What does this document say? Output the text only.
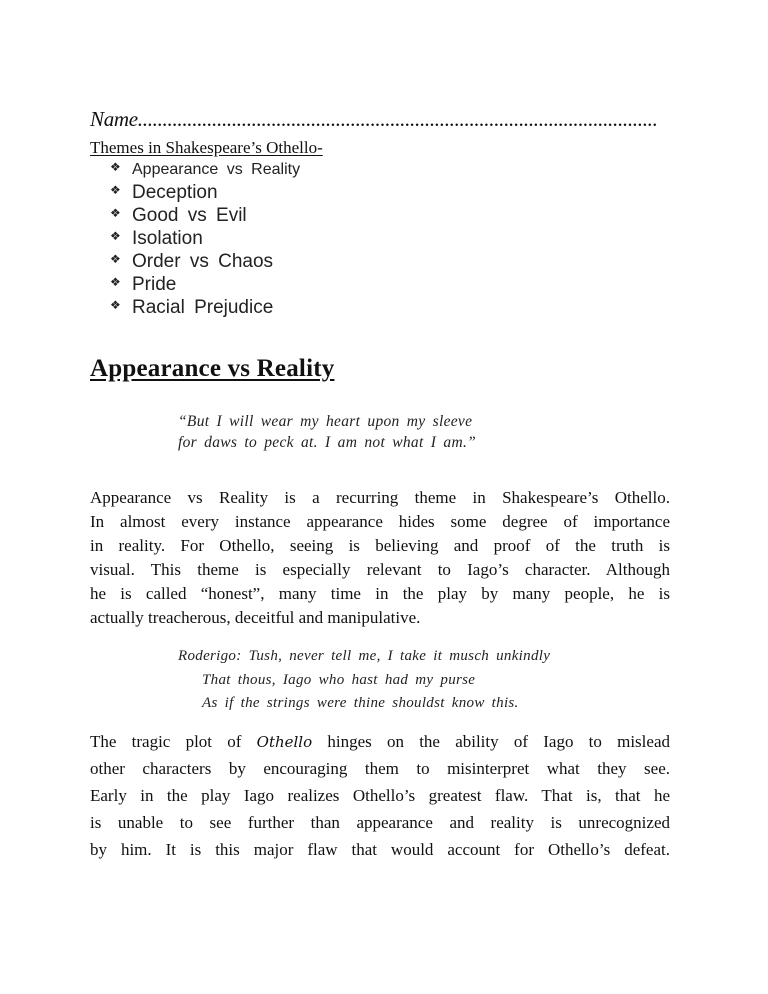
Name.........................................................................................................
Themes in Shakespeare’s Othello-
❖ Appearance vs Reality
❖ Deception
❖ Good vs Evil
❖ Isolation
❖ Order vs Chaos
❖ Pride
❖ Racial Prejudice
Appearance vs Reality
“But I will wear my heart upon my sleeve
for daws to peck at. I am not what I am.”
Appearance vs Reality is a recurring theme in Shakespeare’s Othello.
In almost every instance appearance hides some degree of importance
in reality. For Othello, seeing is believing and proof of the truth is
visual. This theme is especially relevant to Iago’s character. Although
he is called “honest”, many time in the play by many people, he is
actually treacherous, deceitful and manipulative.
Roderigo: Tush, never tell me, I take it musch unkindly
That thous, Iago who hast had my purse
As if the strings were thine shouldst know this.
The tragic plot of Othello hinges on the ability of Iago to mislead
other characters by encouraging them to misinterpret what they see.
Early in the play Iago realizes Othello’s greatest flaw. That is, that he
is unable to see further than appearance and reality is unrecognized
by him. It is this major flaw that would account for Othello’s defeat.
